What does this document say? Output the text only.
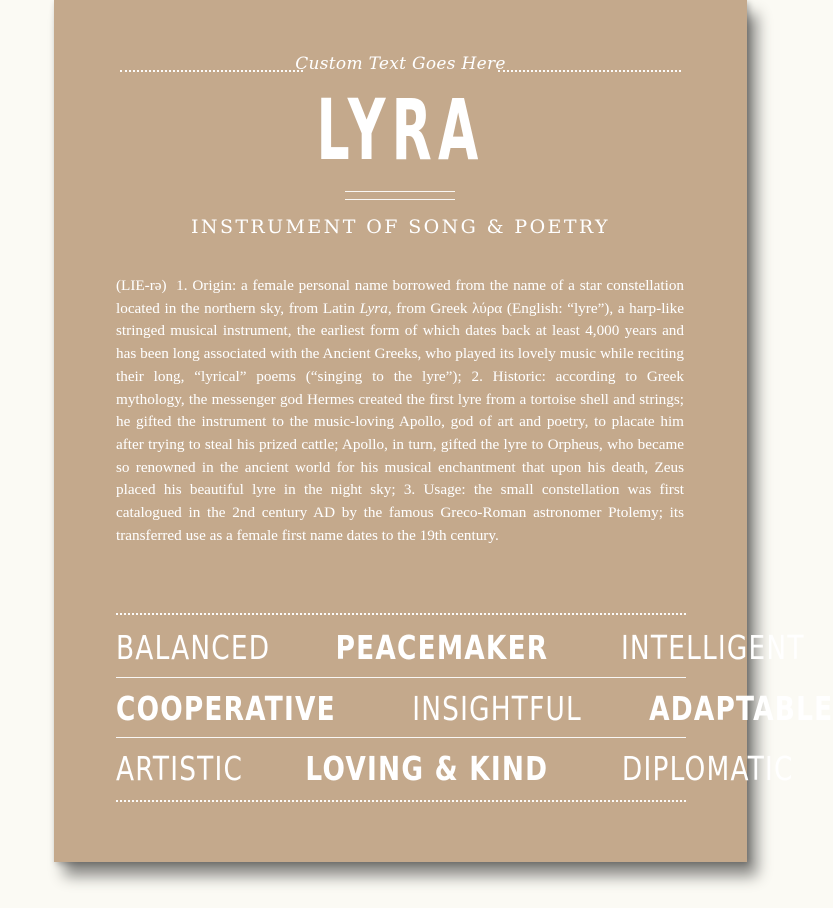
Custom Text Goes Here
LYRA
INSTRUMENT OF SONG & POETRY
(LIE-rə) 1. Origin: a female personal name borrowed from the name of a star constellation located in the northern sky, from Latin Lyra, from Greek λύρα (English: “lyre”), a harp-like stringed musical instrument, the earliest form of which dates back at least 4,000 years and has been long associated with the Ancient Greeks, who played its lovely music while reciting their long, “lyrical” poems (“singing to the lyre”); 2. Historic: according to Greek mythology, the messenger god Hermes created the first lyre from a tortoise shell and strings; he gifted the instrument to the music-loving Apollo, god of art and poetry, to placate him after trying to steal his prized cattle; Apollo, in turn, gifted the lyre to Orpheus, who became so renowned in the ancient world for his musical enchantment that upon his death, Zeus placed his beautiful lyre in the night sky; 3. Usage: the small constellation was first catalogued in the 2nd century AD by the famous Greco-Roman astronomer Ptolemy; its transferred use as a female first name dates to the 19th century.
BALANCED PEACEMAKER INTELLIGENT
COOPERATIVE INSIGHTFUL ADAPTABLE
ARTISTIC LOVING & KIND DIPLOMATIC
